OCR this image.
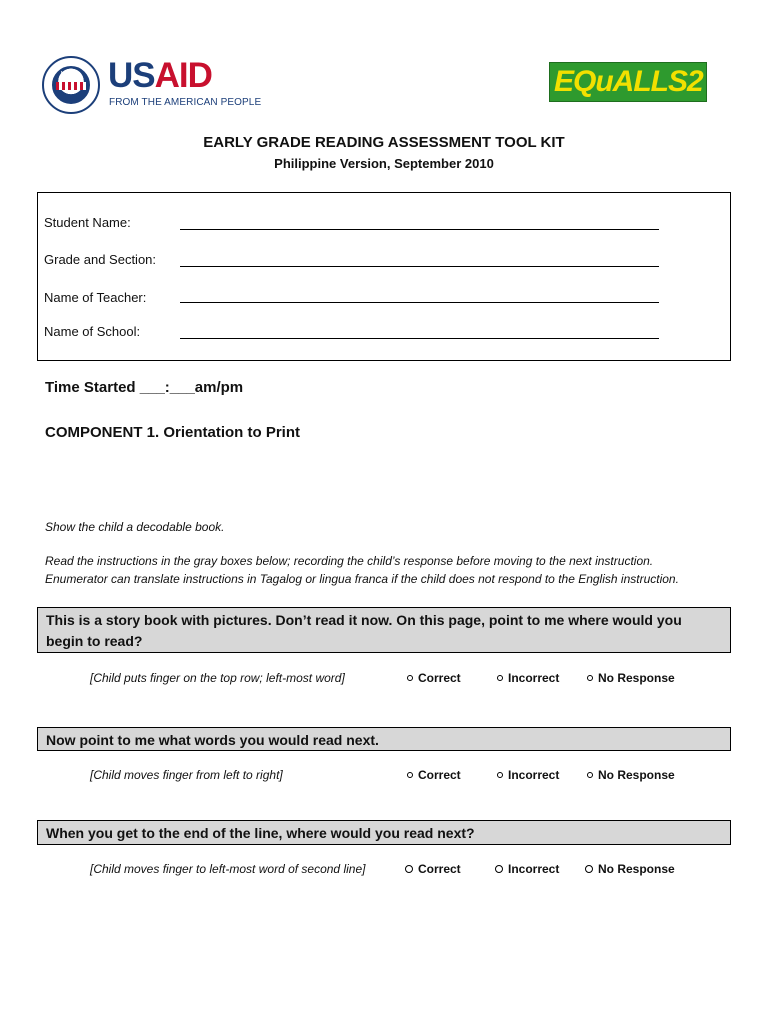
USAID USAID
FROM THE AMERICAN PEOPLE
EQuALLS2
EARLY GRADE READING ASSESSMENT TOOL KIT
Philippine Version, September 2010
Student Name:
Grade and Section:
Name of Teacher:
Name of School:
Time Started ___:___am/pm
COMPONENT 1. Orientation to Print
Show the child a decodable book.
Read the instructions in the gray boxes below; recording the child’s response before moving to the next instruction.
Enumerator can translate instructions in Tagalog or lingua franca if the child does not respond to the English instruction.
This is a story book with pictures. Don’t read it now. On this page, point to me where would you begin to read?
[Child puts finger on the top row; left-most word]	Correct	Incorrect	No Response
Now point to me what words you would read next.
[Child moves finger from left to right]	Correct	Incorrect	No Response
When you get to the end of the line, where would you read next?
[Child moves finger to left-most word of second line]	Correct	Incorrect	No Response
